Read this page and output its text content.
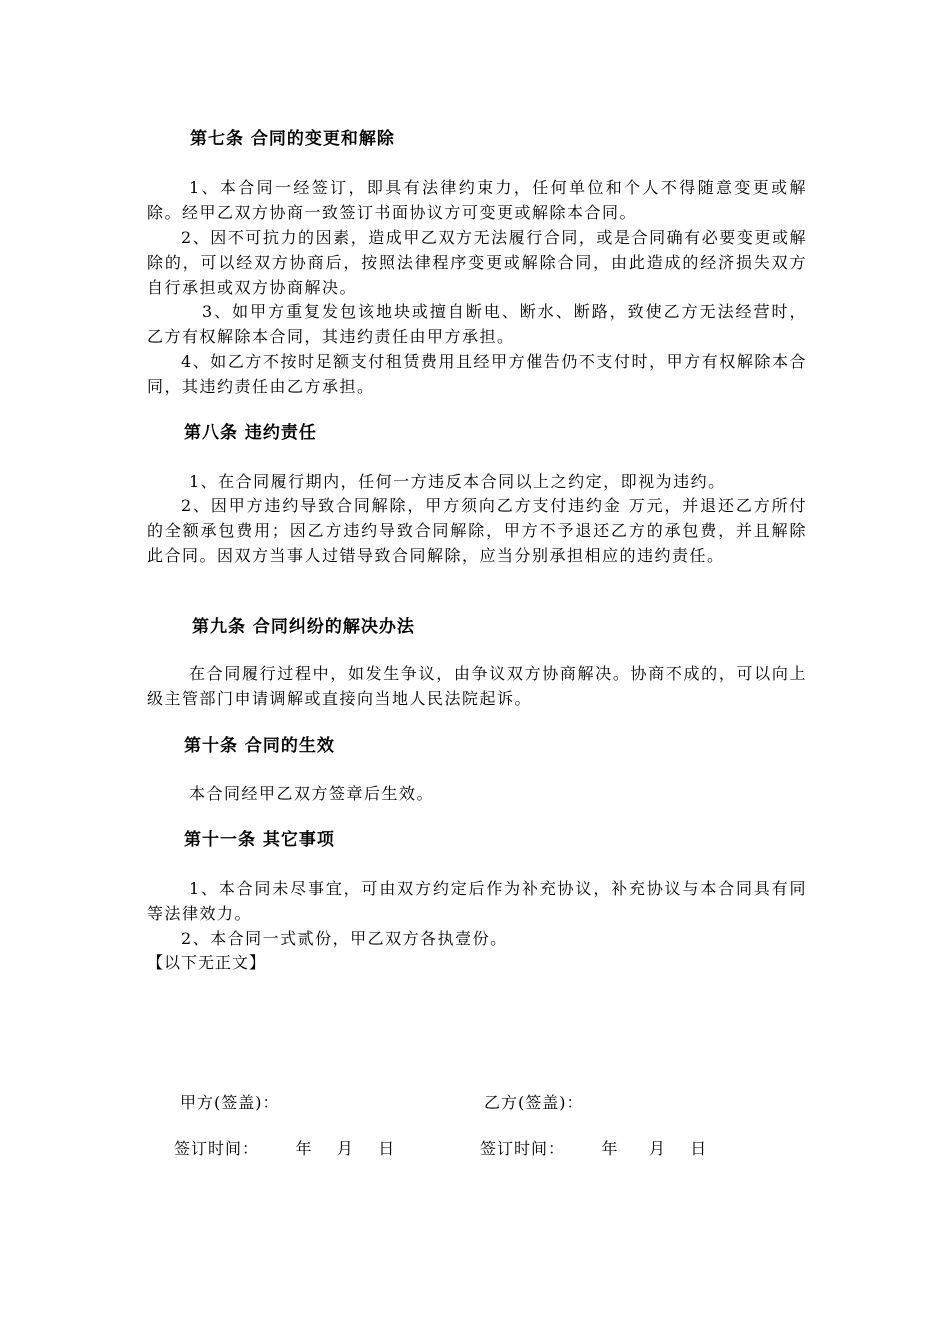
第七条 合同的变更和解除
1、本合同一经签订，即具有法律约束力，任何单位和个人不得随意变更或解除。经甲乙双方协商一致签订书面协议方可变更或解除本合同。
2、因不可抗力的因素，造成甲乙双方无法履行合同，或是合同确有必要变更或解除的，可以经双方协商后，按照法律程序变更或解除合同，由此造成的经济损失双方自行承担或双方协商解决。
3、如甲方重复发包该地块或擅自断电、断水、断路，致使乙方无法经营时，乙方有权解除本合同，其违约责任由甲方承担。
4、如乙方不按时足额支付租赁费用且经甲方催告仍不支付时，甲方有权解除本合同，其违约责任由乙方承担。
第八条 违约责任
1、在合同履行期内，任何一方违反本合同以上之约定，即视为违约。
2、因甲方违约导致合同解除，甲方须向乙方支付违约金 万元，并退还乙方所付的全额承包费用；因乙方违约导致合同解除，甲方不予退还乙方的承包费，并且解除此合同。因双方当事人过错导致合同解除，应当分别承担相应的违约责任。
第九条 合同纠纷的解决办法
在合同履行过程中，如发生争议，由争议双方协商解决。协商不成的，可以向上级主管部门申请调解或直接向当地人民法院起诉。
第十条 合同的生效
本合同经甲乙双方签章后生效。
第十一条 其它事项
1、本合同未尽事宜，可由双方约定后作为补充协议，补充协议与本合同具有同等法律效力。
2、本合同一式贰份，甲乙双方各执壹份。
【以下无正文】
甲方(签盖)：	乙方(签盖)：
签订时间：      年    月    日	签订时间：      年     月    日
